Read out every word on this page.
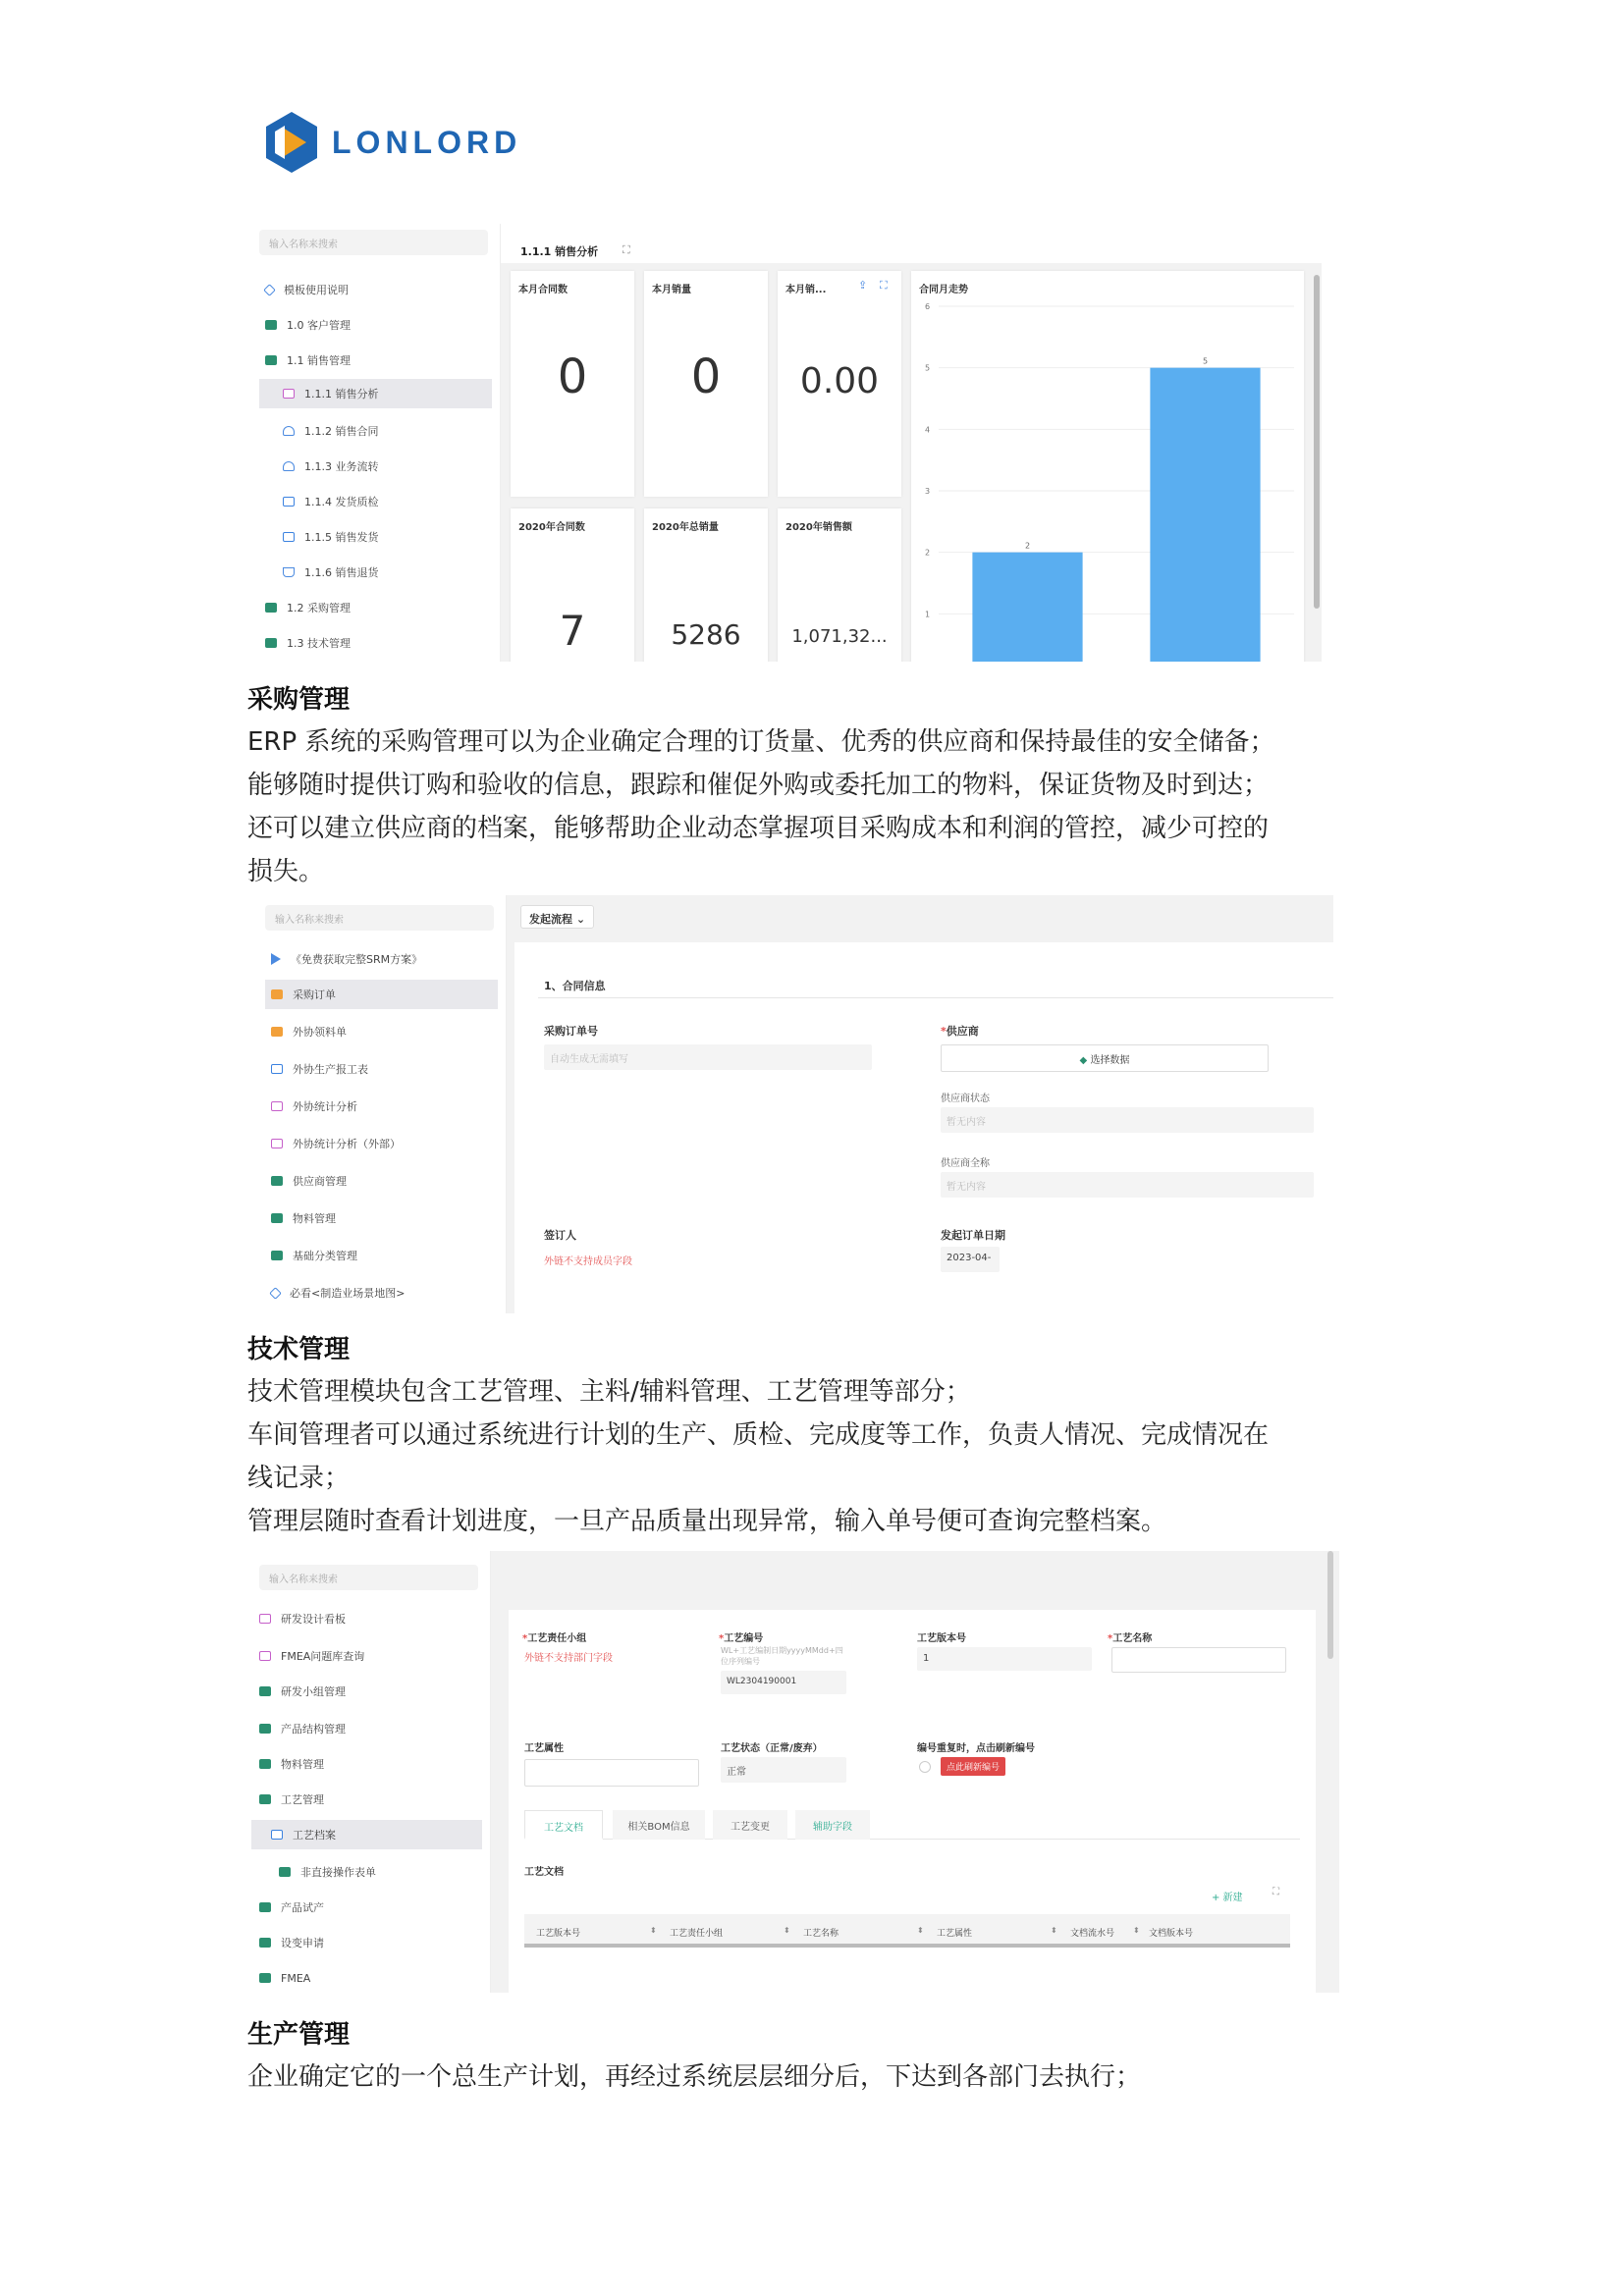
LONLORD
输入名称来搜索
模板使用说明
1.0 客户管理
1.1 销售管理
1.1.1 销售分析
1.1.2 销售合同
1.1.3 业务流转
1.1.4 发货质检
1.1.5 销售发货
1.1.6 销售退货
1.2 采购管理
1.3 技术管理
1.1.1 销售分析 ⛶
本月合同数
0
本月销量
0
本月销...	⇪ ⛶
0.00
2020年合同数
7
2020年总销量
5286
2020年销售额
1,071,32...
合同月走势
1
2
3
4
5
6
2
5
采购管理
ERP 系统的采购管理可以为企业确定合理的订货量、优秀的供应商和保持最佳的安全储备；
能够随时提供订购和验收的信息，跟踪和催促外购或委托加工的物料，保证货物及时到达；
还可以建立供应商的档案，能够帮助企业动态掌握项目采购成本和利润的管控，减少可控的
损失。
输入名称来搜索
《免费获取完整SRM方案》
采购订单
外协领料单
外协生产报工表
外协统计分析
外协统计分析（外部）
供应商管理
物料管理
基础分类管理
必看<制造业场景地图>
发起流程 ⌄
1、合同信息
采购订单号
自动生成无需填写
*供应商
◆ 选择数据
供应商状态
暂无内容
供应商全称
暂无内容
签订人
外链不支持成员字段
发起订单日期
2023-04-
技术管理
技术管理模块包含工艺管理、主料/辅料管理、工艺管理等部分；
车间管理者可以通过系统进行计划的生产、质检、完成度等工作，负责人情况、完成情况在
线记录；
管理层随时查看计划进度，一旦产品质量出现异常，输入单号便可查询完整档案。
输入名称来搜索
研发设计看板
FMEA问题库查询
研发小组管理
产品结构管理
物料管理
工艺管理
工艺档案
非直接操作表单
产品试产
设变申请
FMEA
*工艺责任小组
外链不支持部门字段
*工艺编号
WL+工艺编制日期yyyyMMdd+四位序列编号
WL2304190001
工艺版本号
1
*工艺名称
工艺属性	工艺状态（正常/废弃）
正常
编号重复时，点击刷新编号
点此刷新编号
工艺文档	相关BOM信息	工艺变更	辅助字段
工艺文档
+ 新建
⛶
工艺版本号	⬍ 工艺责任小组	⬍ 工艺名称	⬍ 工艺属性	⬍ 文档流水号 ⬍ 文档版本号
生产管理
企业确定它的一个总生产计划，再经过系统层层细分后，下达到各部门去执行；
